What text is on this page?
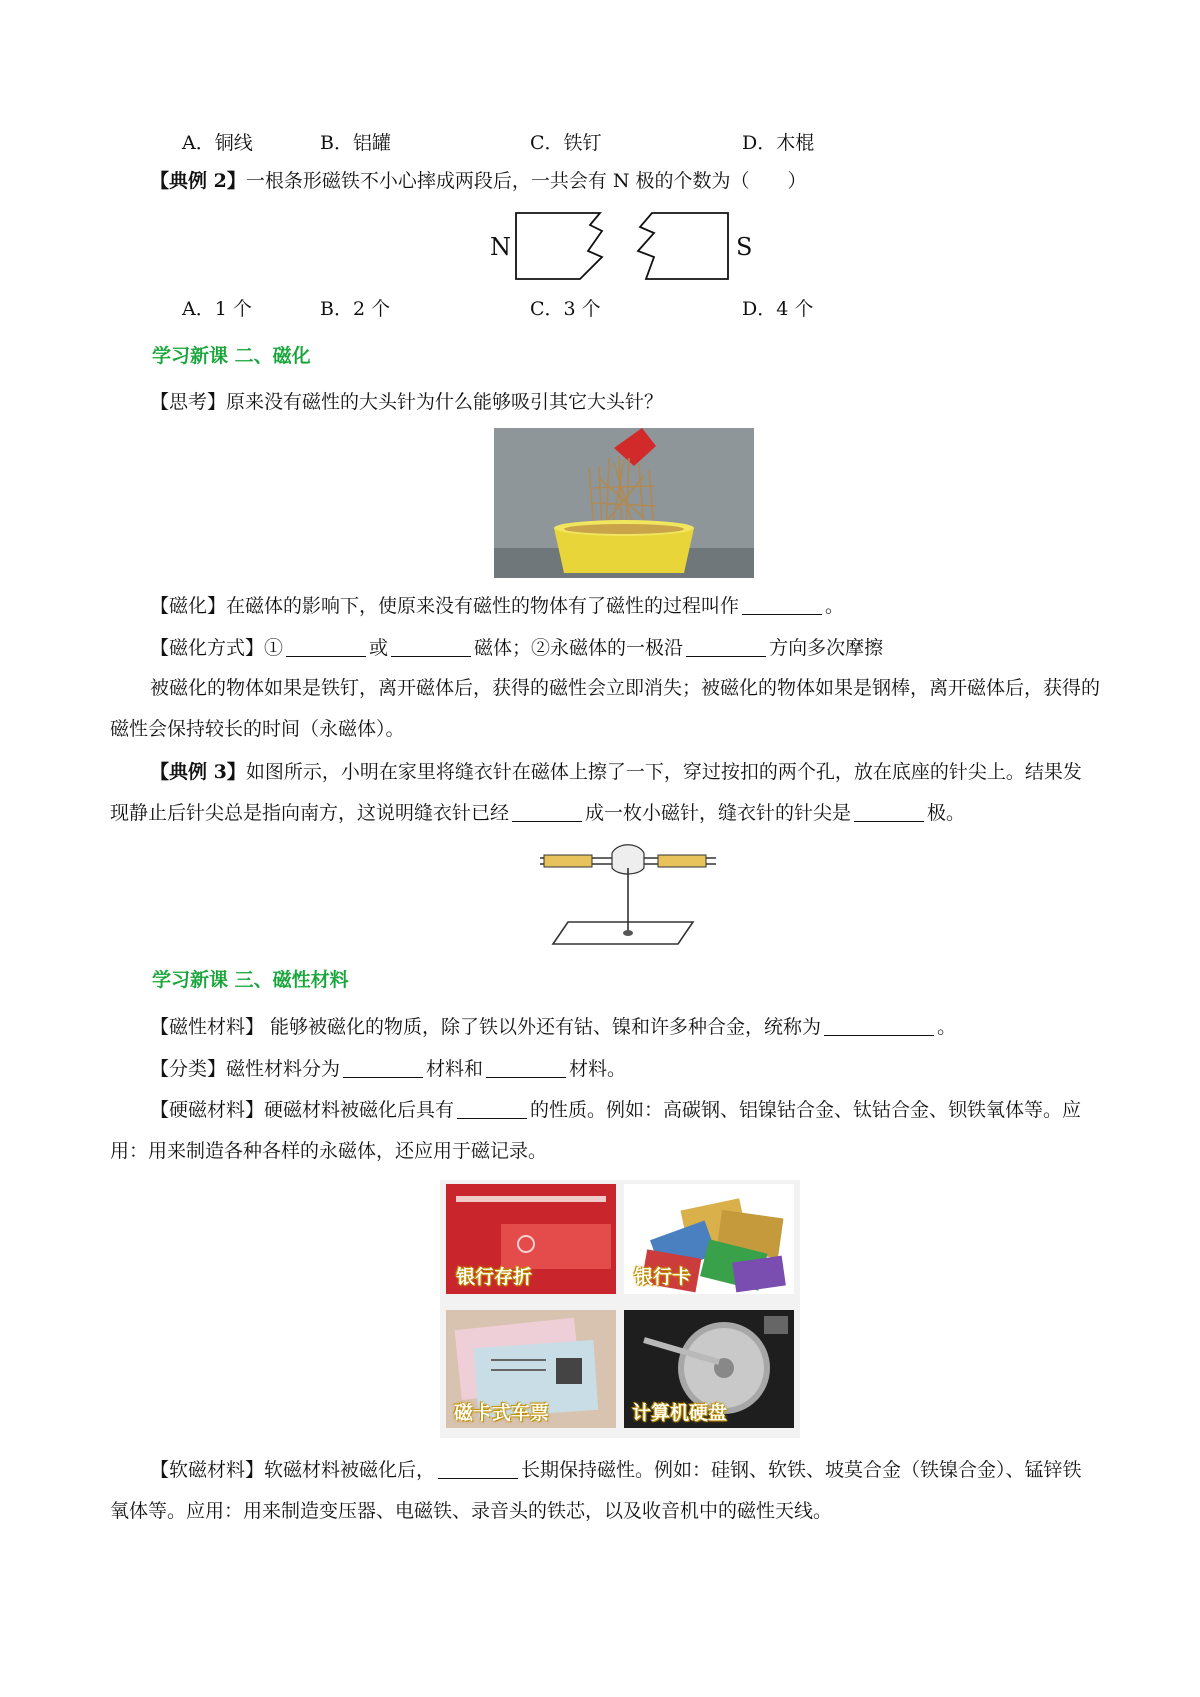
A．铜线	B．铝罐	C．铁钉	D．木棍
【典例 2】一根条形磁铁不小心摔成两段后，一共会有 N 极的个数为（　　）
N	S
A．1 个	B．2 个	C．3 个	D．4 个
学习新课 二、磁化
【思考】原来没有磁性的大头针为什么能够吸引其它大头针？
【磁化】在磁体的影响下，使原来没有磁性的物体有了磁性的过程叫作	。
【磁化方式】①	或	磁体；②永磁体的一极沿	方向多次摩擦
被磁化的物体如果是铁钉，离开磁体后，获得的磁性会立即消失；被磁化的物体如果是钢棒，离开磁体后，获得的磁性会保持较长的时间（永磁体）。
【典例 3】如图所示，小明在家里将缝衣针在磁体上擦了一下，穿过按扣的两个孔，放在底座的针尖上。结果发现静止后针尖总是指向南方，这说明缝衣针已经	成一枚小磁针，缝衣针的针尖是	极。
学习新课 三、磁性材料
【磁性材料】 能够被磁化的物质，除了铁以外还有钴、镍和许多种合金，统称为	。
【分类】磁性材料分为	材料和	材料。
【硬磁材料】硬磁材料被磁化后具有	的性质。例如：高碳钢、铝镍钴合金、钛钴合金、钡铁氧体等。应用：用来制造各种各样的永磁体，还应用于磁记录。
银行存折	银行卡
磁卡式车票	计算机硬盘
【软磁材料】软磁材料被磁化后，	长期保持磁性。例如：硅钢、软铁、坡莫合金（铁镍合金）、锰锌铁氧体等。应用：用来制造变压器、电磁铁、录音头的铁芯，以及收音机中的磁性天线。
